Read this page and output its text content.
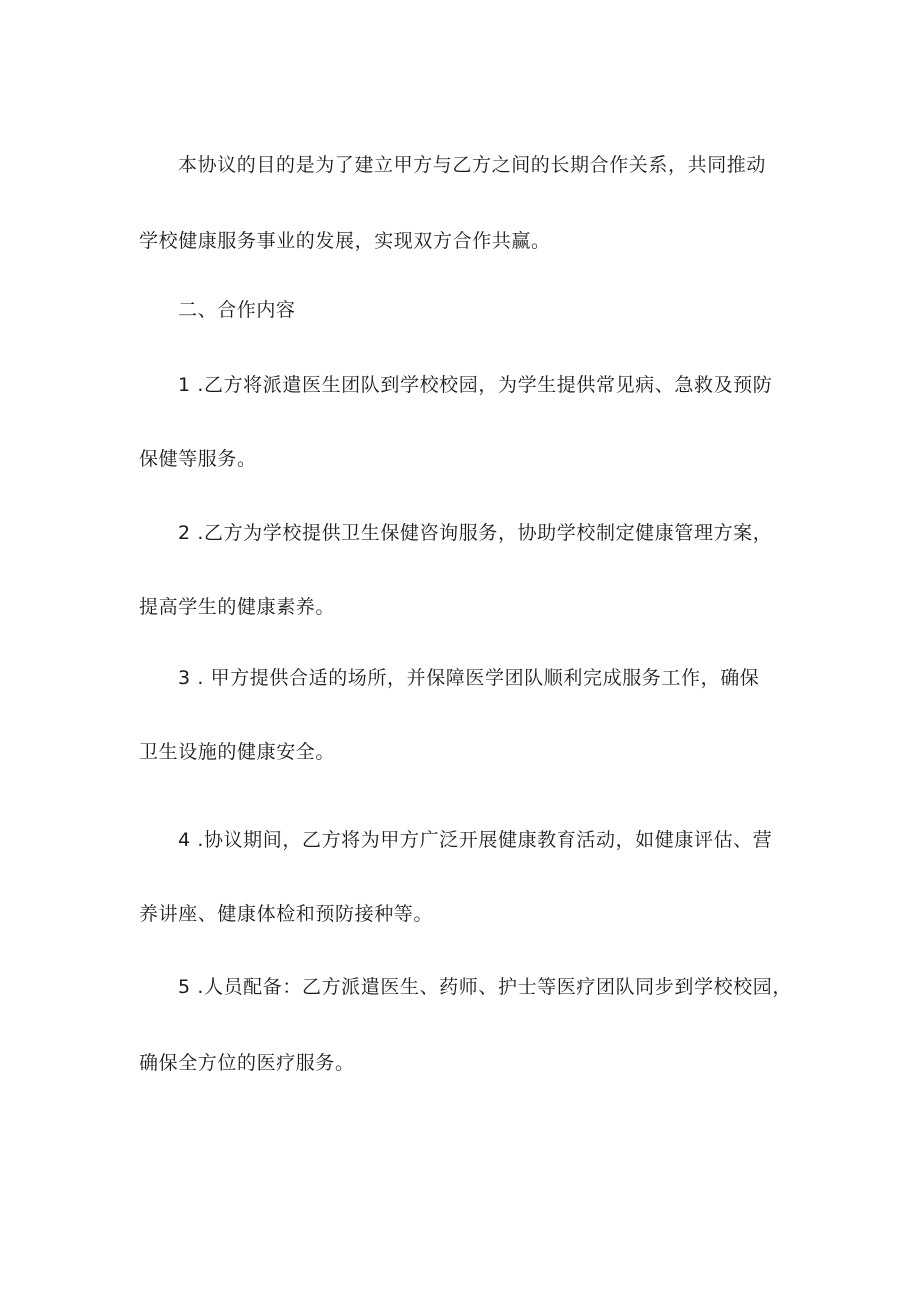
本协议的目的是为了建立甲方与乙方之间的长期合作关系，共同推动
学校健康服务事业的发展，实现双方合作共赢。
二、合作内容
1 .乙方将派遣医生团队到学校校园，为学生提供常见病、急救及预防
保健等服务。
2 .乙方为学校提供卫生保健咨询服务，协助学校制定健康管理方案，
提高学生的健康素养。
3 . 甲方提供合适的场所，并保障医学团队顺利完成服务工作，确保
卫生设施的健康安全。
4 .协议期间，乙方将为甲方广泛开展健康教育活动，如健康评估、营
养讲座、健康体检和预防接种等。
5 .人员配备：乙方派遣医生、药师、护士等医疗团队同步到学校校园，
确保全方位的医疗服务。
